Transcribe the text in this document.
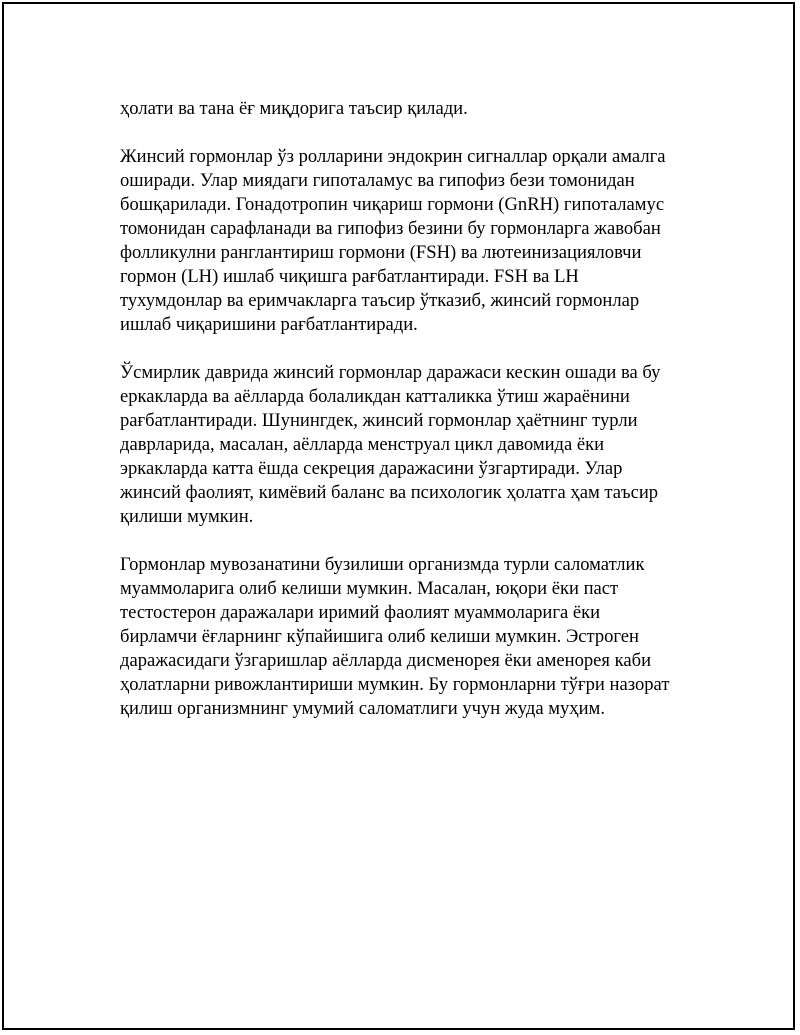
ҳолати ва тана ёғ миқдорига таъсир қилади.

Жинсий гормонлар ўз ролларини эндокрин сигналлар орқали амалга оширади. Улар миядаги гипоталамус ва гипофиз бези томонидан бошқарилади. Гонадотропин чиқариш гормони (GnRH) гипоталамус томонидан сарафланади ва гипофиз безини бу гормонларга жавобан фолликулни ранглантириш гормони (FSH) ва лютеинизацияловчи гормон (LH) ишлаб чиқишга рағбатлантиради. FSH ва LH тухумдонлар ва еримчакларга таъсир ўтказиб, жинсий гормонлар ишлаб чиқаришини рағбатлантиради.

Ўсмирлик даврида жинсий гормонлар даражаси кескин ошади ва бу еркакларда ва аёлларда болаликдан катталикка ўтиш жараёнини рағбатлантиради. Шунингдек, жинсий гормонлар ҳаётнинг турли даврларида, масалан, аёлларда менструал цикл давомида ёки эркакларда катта ёшда секреция даражасини ўзгартиради. Улар жинсий фаолият, кимёвий баланс ва психологик ҳолатга ҳам таъсир қилиши мумкин.

Гормонлар мувозанатини бузилиши организмда турли саломатлик муаммоларига олиб келиши мумкин. Масалан, юқори ёки паст тестостерон даражалари иримий фаолият муаммоларига ёки бирламчи ёғларнинг кўпайишига олиб келиши мумкин. Эстроген даражасидаги ўзгаришлар аёлларда дисменорея ёки аменорея каби ҳолатларни ривожлантириши мумкин. Бу гормонларни тўғри назорат қилиш организмнинг умумий саломатлиги учун жуда муҳим.
